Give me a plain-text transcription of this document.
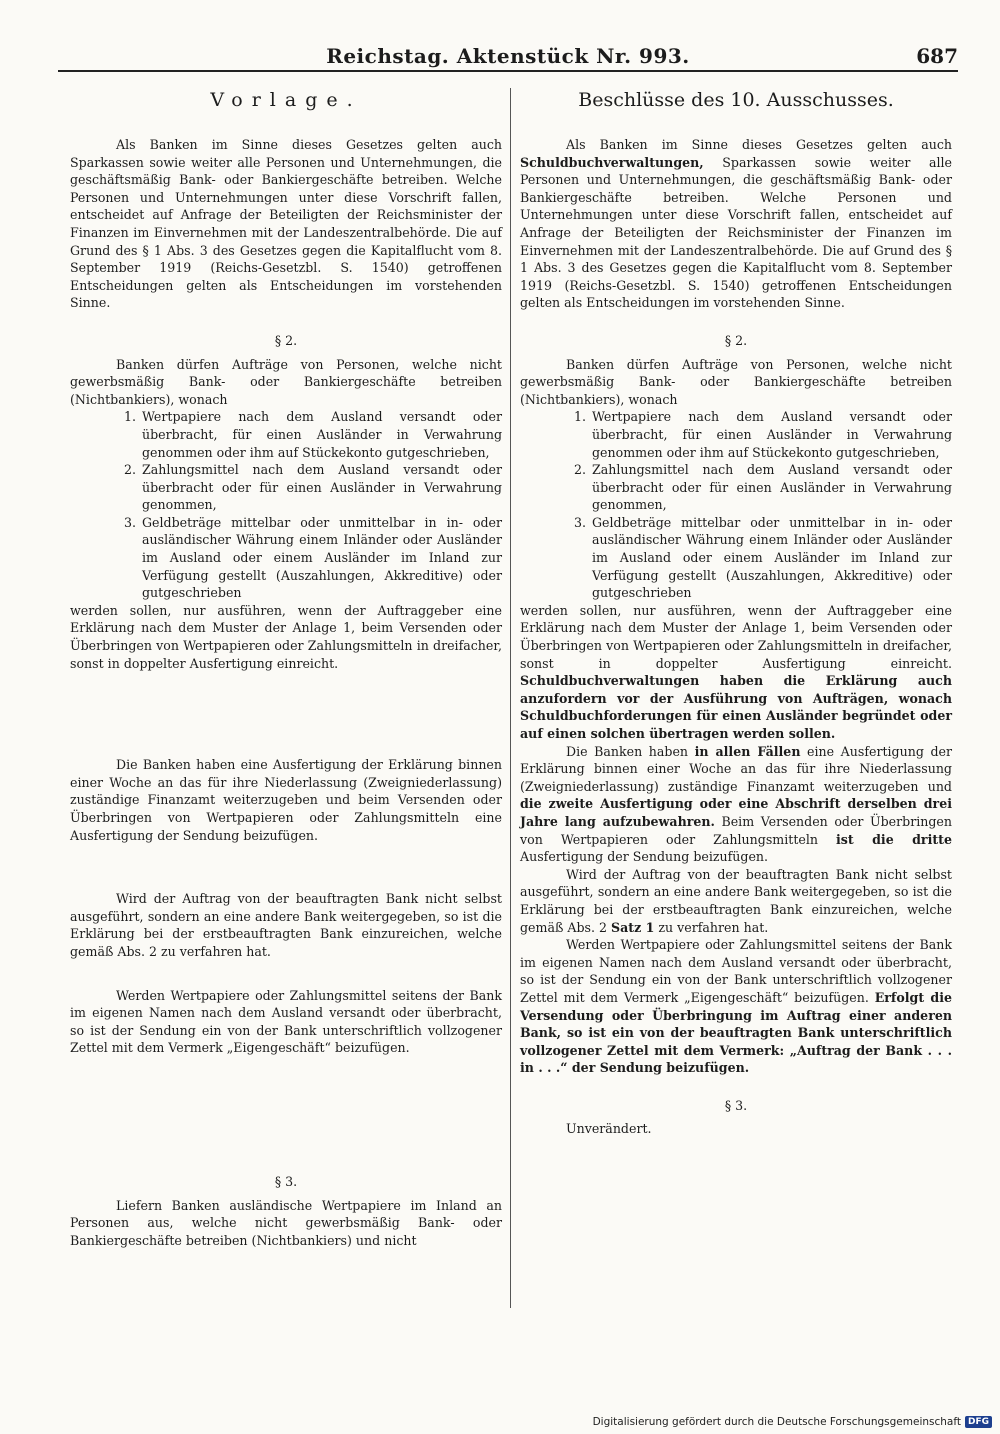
Reichstag. Aktenstück Nr. 993.	687
Vorlage.

Als Banken im Sinne dieses Gesetzes gelten auch Sparkassen sowie weiter alle Personen und Unternehmungen, die geschäftsmäßig Bank- oder Bankiergeschäfte betreiben. Welche Personen und Unternehmungen unter diese Vorschrift fallen, entscheidet auf Anfrage der Beteiligten der Reichsminister der Finanzen im Einvernehmen mit der Landeszentralbehörde. Die auf Grund des § 1 Abs. 3 des Gesetzes gegen die Kapitalflucht vom 8. September 1919 (Reichs-Gesetzbl. S. 1540) getroffenen Entscheidungen gelten als Entscheidungen im vorstehenden Sinne.

§ 2.

Banken dürfen Aufträge von Personen, welche nicht gewerbsmäßig Bank- oder Bankiergeschäfte betreiben (Nichtbankiers), wonach

1. Wertpapiere nach dem Ausland versandt oder überbracht, für einen Ausländer in Verwahrung genommen oder ihm auf Stückekonto gutgeschrieben,
2. Zahlungsmittel nach dem Ausland versandt oder überbracht oder für einen Ausländer in Verwahrung genommen,
3. Geldbeträge mittelbar oder unmittelbar in in- oder ausländischer Währung einem Inländer oder Ausländer im Ausland oder einem Ausländer im Inland zur Verfügung gestellt (Auszahlungen, Akkreditive) oder gutgeschrieben

werden sollen, nur ausführen, wenn der Auftraggeber eine Erklärung nach dem Muster der Anlage 1, beim Versenden oder Überbringen von Wertpapieren oder Zahlungsmitteln in dreifacher, sonst in doppelter Ausfertigung einreicht.

Die Banken haben eine Ausfertigung der Erklärung binnen einer Woche an das für ihre Niederlassung (Zweigniederlassung) zuständige Finanzamt weiterzugeben und beim Versenden oder Überbringen von Wertpapieren oder Zahlungsmitteln eine Ausfertigung der Sendung beizufügen.

Wird der Auftrag von der beauftragten Bank nicht selbst ausgeführt, sondern an eine andere Bank weitergegeben, so ist die Erklärung bei der erstbeauftragten Bank einzureichen, welche gemäß Abs. 2 zu verfahren hat.

Werden Wertpapiere oder Zahlungsmittel seitens der Bank im eigenen Namen nach dem Ausland versandt oder überbracht, so ist der Sendung ein von der Bank unterschriftlich vollzogener Zettel mit dem Vermerk „Eigengeschäft“ beizufügen.

§ 3.

Liefern Banken ausländische Wertpapiere im Inland an Personen aus, welche nicht gewerbsmäßig Bank- oder Bankiergeschäfte betreiben (Nichtbankiers) und nicht

Beschlüsse des 10. Ausschusses.

Als Banken im Sinne dieses Gesetzes gelten auch Schuldbuchverwaltungen, Sparkassen sowie weiter alle Personen und Unternehmungen, die geschäftsmäßig Bank- oder Bankiergeschäfte betreiben. Welche Personen und Unternehmungen unter diese Vorschrift fallen, entscheidet auf Anfrage der Beteiligten der Reichsminister der Finanzen im Einvernehmen mit der Landeszentralbehörde. Die auf Grund des § 1 Abs. 3 des Gesetzes gegen die Kapitalflucht vom 8. September 1919 (Reichs-Gesetzbl. S. 1540) getroffenen Entscheidungen gelten als Entscheidungen im vorstehenden Sinne.

§ 2.

Banken dürfen Aufträge von Personen, welche nicht gewerbsmäßig Bank- oder Bankiergeschäfte betreiben (Nichtbankiers), wonach

1. Wertpapiere nach dem Ausland versandt oder überbracht, für einen Ausländer in Verwahrung genommen oder ihm auf Stückekonto gutgeschrieben,
2. Zahlungsmittel nach dem Ausland versandt oder überbracht oder für einen Ausländer in Verwahrung genommen,
3. Geldbeträge mittelbar oder unmittelbar in in- oder ausländischer Währung einem Inländer oder Ausländer im Ausland oder einem Ausländer im Inland zur Verfügung gestellt (Auszahlungen, Akkreditive) oder gutgeschrieben

werden sollen, nur ausführen, wenn der Auftraggeber eine Erklärung nach dem Muster der Anlage 1, beim Versenden oder Überbringen von Wertpapieren oder Zahlungsmitteln in dreifacher, sonst in doppelter Ausfertigung einreicht. Schuldbuchverwaltungen haben die Erklärung auch anzufordern vor der Ausführung von Aufträgen, wonach Schuldbuchforderungen für einen Ausländer begründet oder auf einen solchen übertragen werden sollen.

Die Banken haben in allen Fällen eine Ausfertigung der Erklärung binnen einer Woche an das für ihre Niederlassung (Zweigniederlassung) zuständige Finanzamt weiterzugeben und die zweite Ausfertigung oder eine Abschrift derselben drei Jahre lang aufzubewahren. Beim Versenden oder Überbringen von Wertpapieren oder Zahlungsmitteln ist die dritte Ausfertigung der Sendung beizufügen.

Wird der Auftrag von der beauftragten Bank nicht selbst ausgeführt, sondern an eine andere Bank weitergegeben, so ist die Erklärung bei der erstbeauftragten Bank einzureichen, welche gemäß Abs. 2 Satz 1 zu verfahren hat.

Werden Wertpapiere oder Zahlungsmittel seitens der Bank im eigenen Namen nach dem Ausland versandt oder überbracht, so ist der Sendung ein von der Bank unterschriftlich vollzogener Zettel mit dem Vermerk „Eigengeschäft“ beizufügen. Erfolgt die Versendung oder Überbringung im Auftrag einer anderen Bank, so ist ein von der beauftragten Bank unterschriftlich vollzogener Zettel mit dem Vermerk: „Auftrag der Bank . . . in . . .“ der Sendung beizufügen.

§ 3.

Unverändert.

Digitalisierung gefördert durch die Deutsche Forschungsgemeinschaft DFG
